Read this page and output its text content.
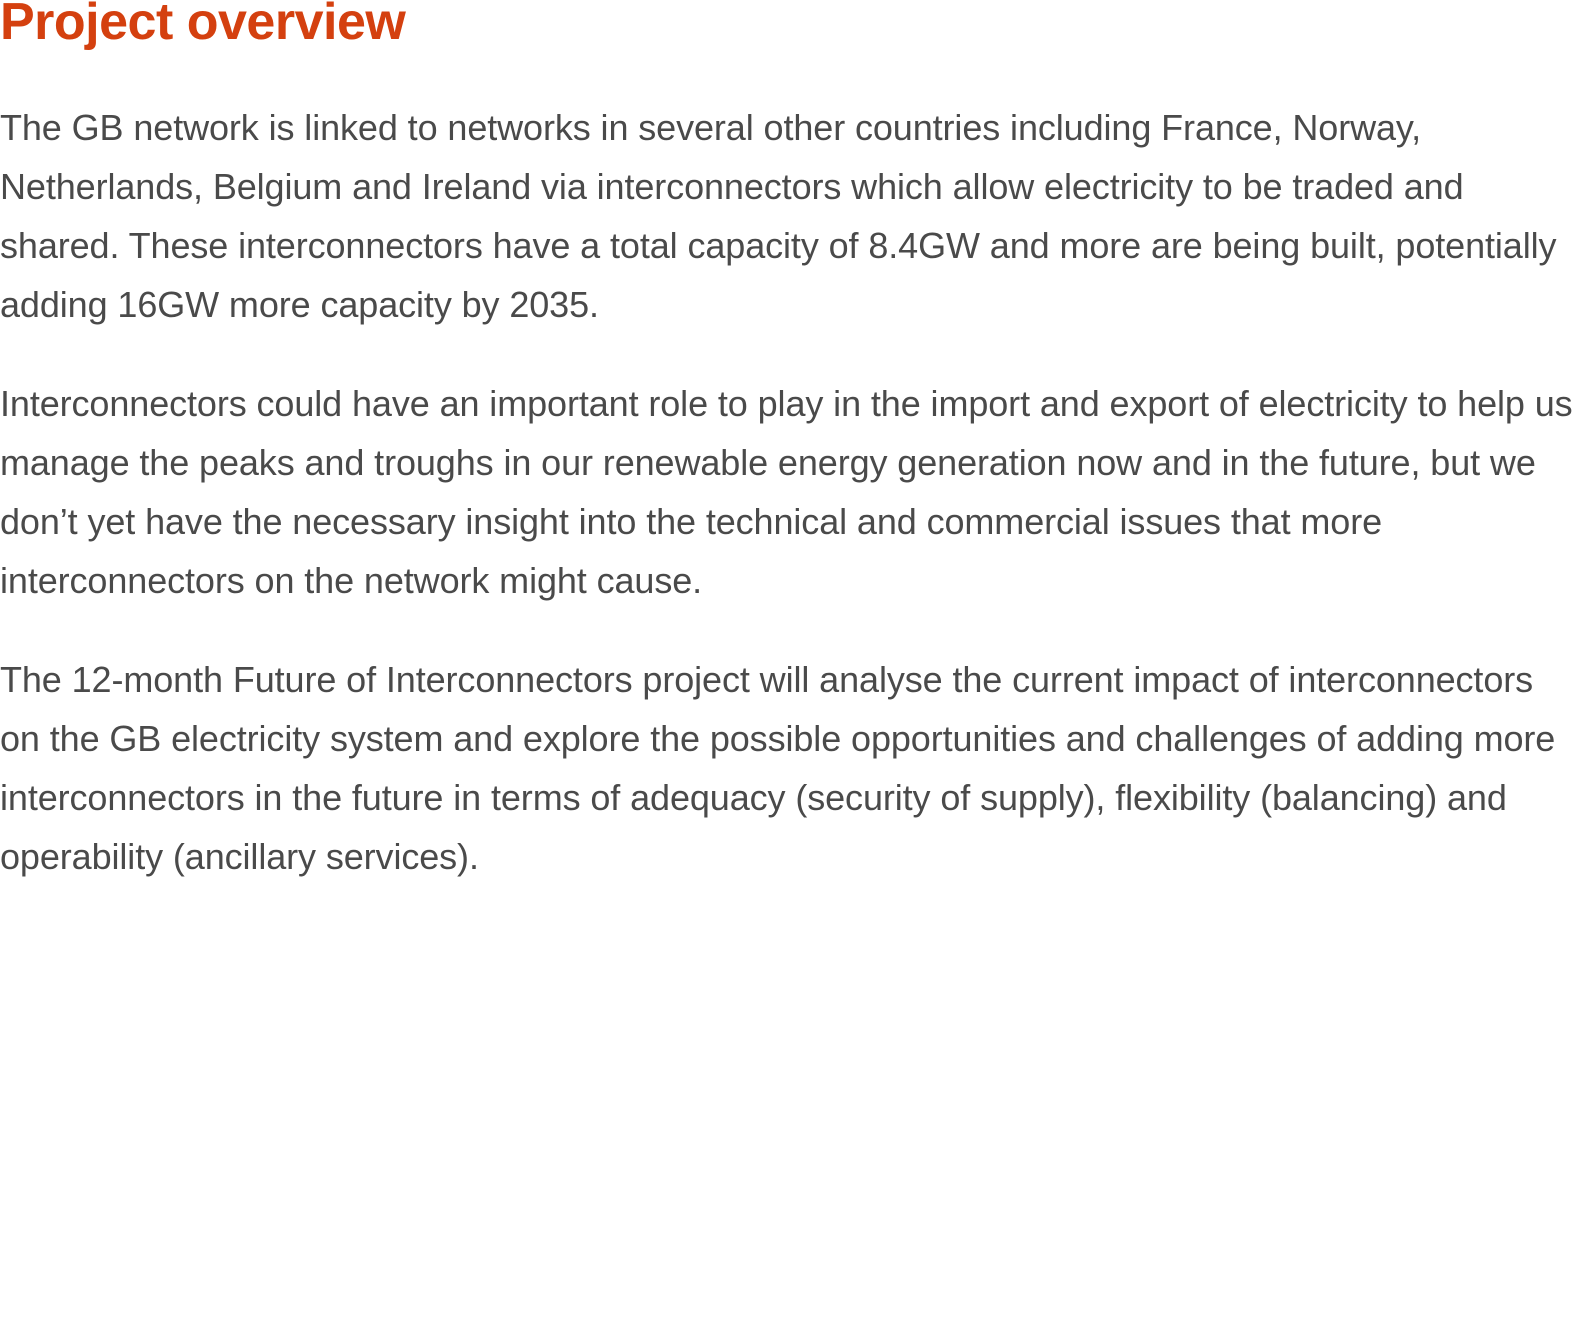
Project overview

The GB network is linked to networks in several other countries including France, Norway, Netherlands, Belgium and Ireland via interconnectors which allow electricity to be traded and shared. These interconnectors have a total capacity of 8.4GW and more are being built, potentially adding 16GW more capacity by 2035.

Interconnectors could have an important role to play in the import and export of electricity to help us manage the peaks and troughs in our renewable energy generation now and in the future, but we don’t yet have the necessary insight into the technical and commercial issues that more interconnectors on the network might cause.

The 12-month Future of Interconnectors project will analyse the current impact of interconnectors on the GB electricity system and explore the possible opportunities and challenges of adding more interconnectors in the future in terms of adequacy (security of supply), flexibility (balancing) and operability (ancillary services).
